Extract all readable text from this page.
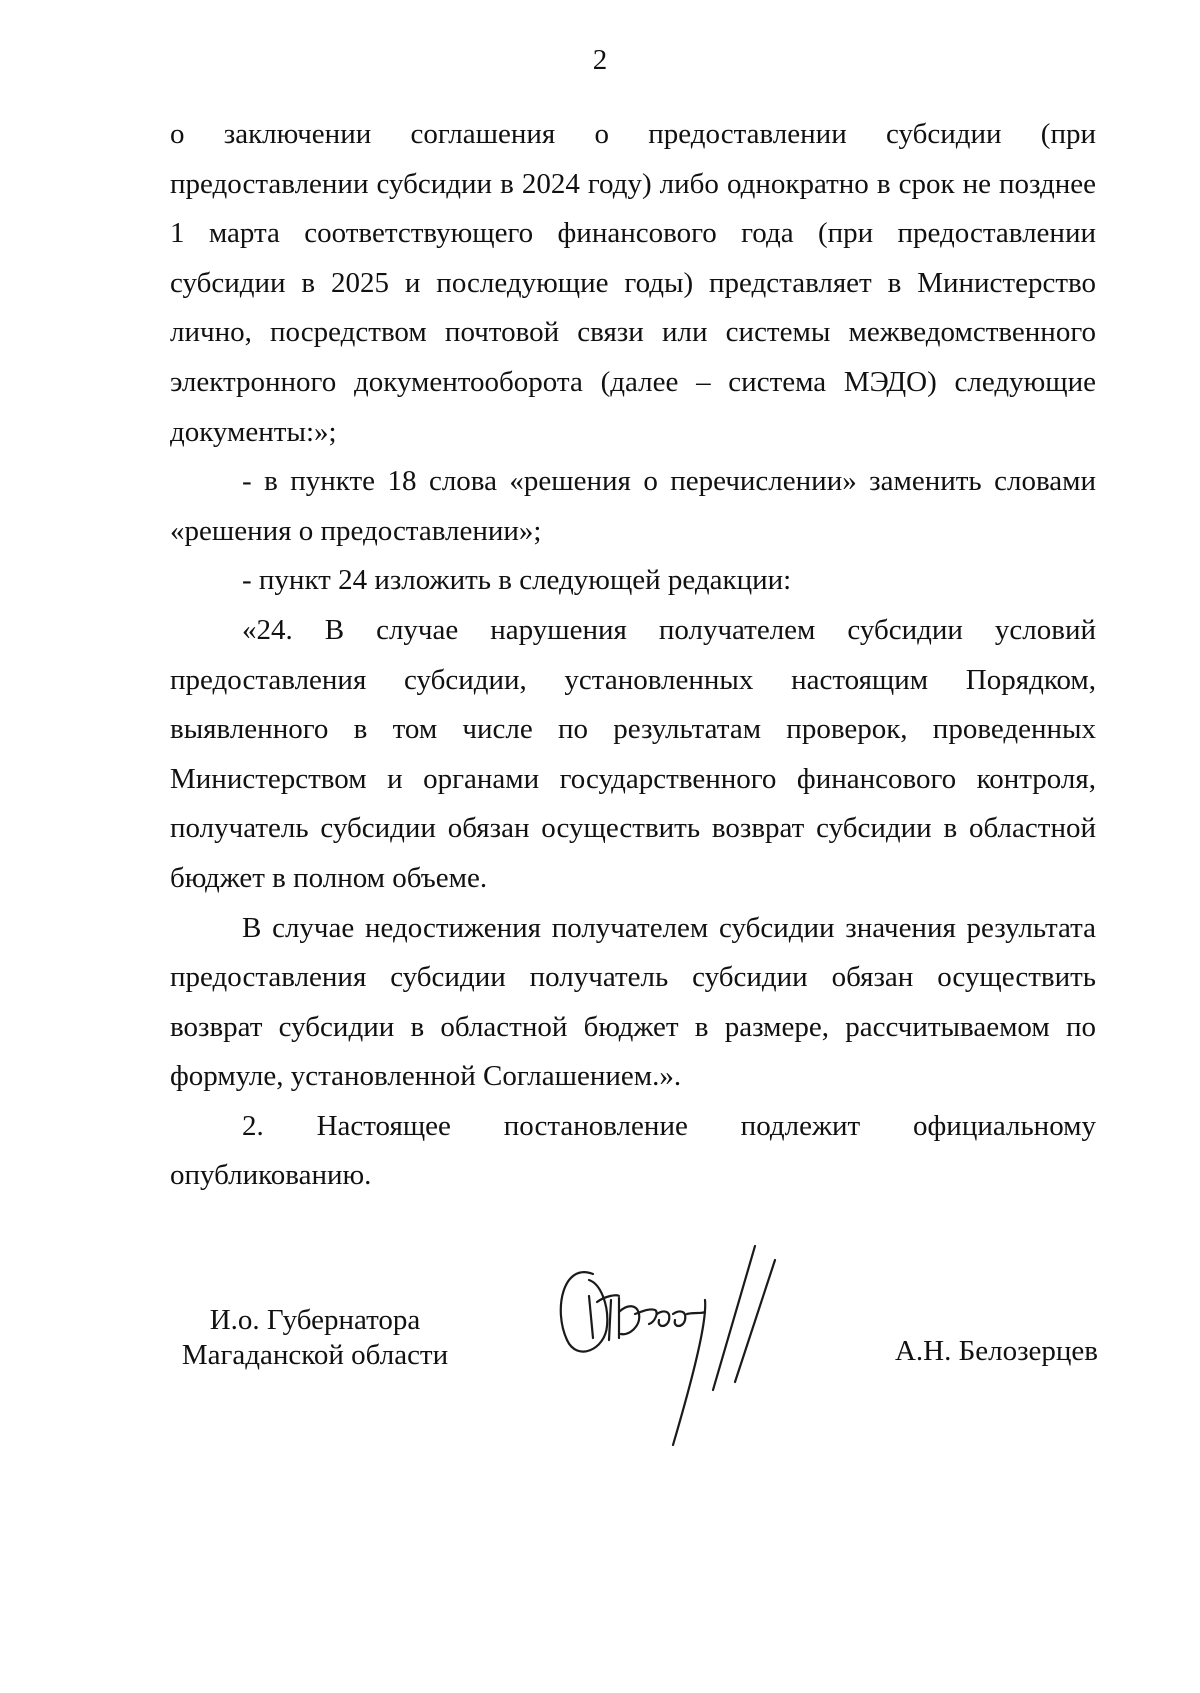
2

о заключении соглашения о предоставлении субсидии (при предоставлении субсидии в 2024 году) либо однократно в срок не позднее 1 марта соответствующего финансового года (при предоставлении субсидии в 2025 и последующие годы) представляет в Министерство лично, посредством почтовой связи или системы межведомственного электронного документооборота (далее – система МЭДО) следующие документы:»;

- в пункте 18 слова «решения о перечислении» заменить словами «решения о предоставлении»;

- пункт 24 изложить в следующей редакции:

«24. В случае нарушения получателем субсидии условий предоставления субсидии, установленных настоящим Порядком, выявленного в том числе по результатам проверок, проведенных Министерством и органами государственного финансового контроля, получатель субсидии обязан осуществить возврат субсидии в областной бюджет в полном объеме.

В случае недостижения получателем субсидии значения результата предоставления субсидии получатель субсидии обязан осуществить возврат субсидии в областной бюджет в размере, рассчитываемом по формуле, установленной Соглашением.».

2. Настоящее постановление подлежит официальному опубликованию.

И.о. Губернатора
Магаданской области	А.Н. Белозерцев
